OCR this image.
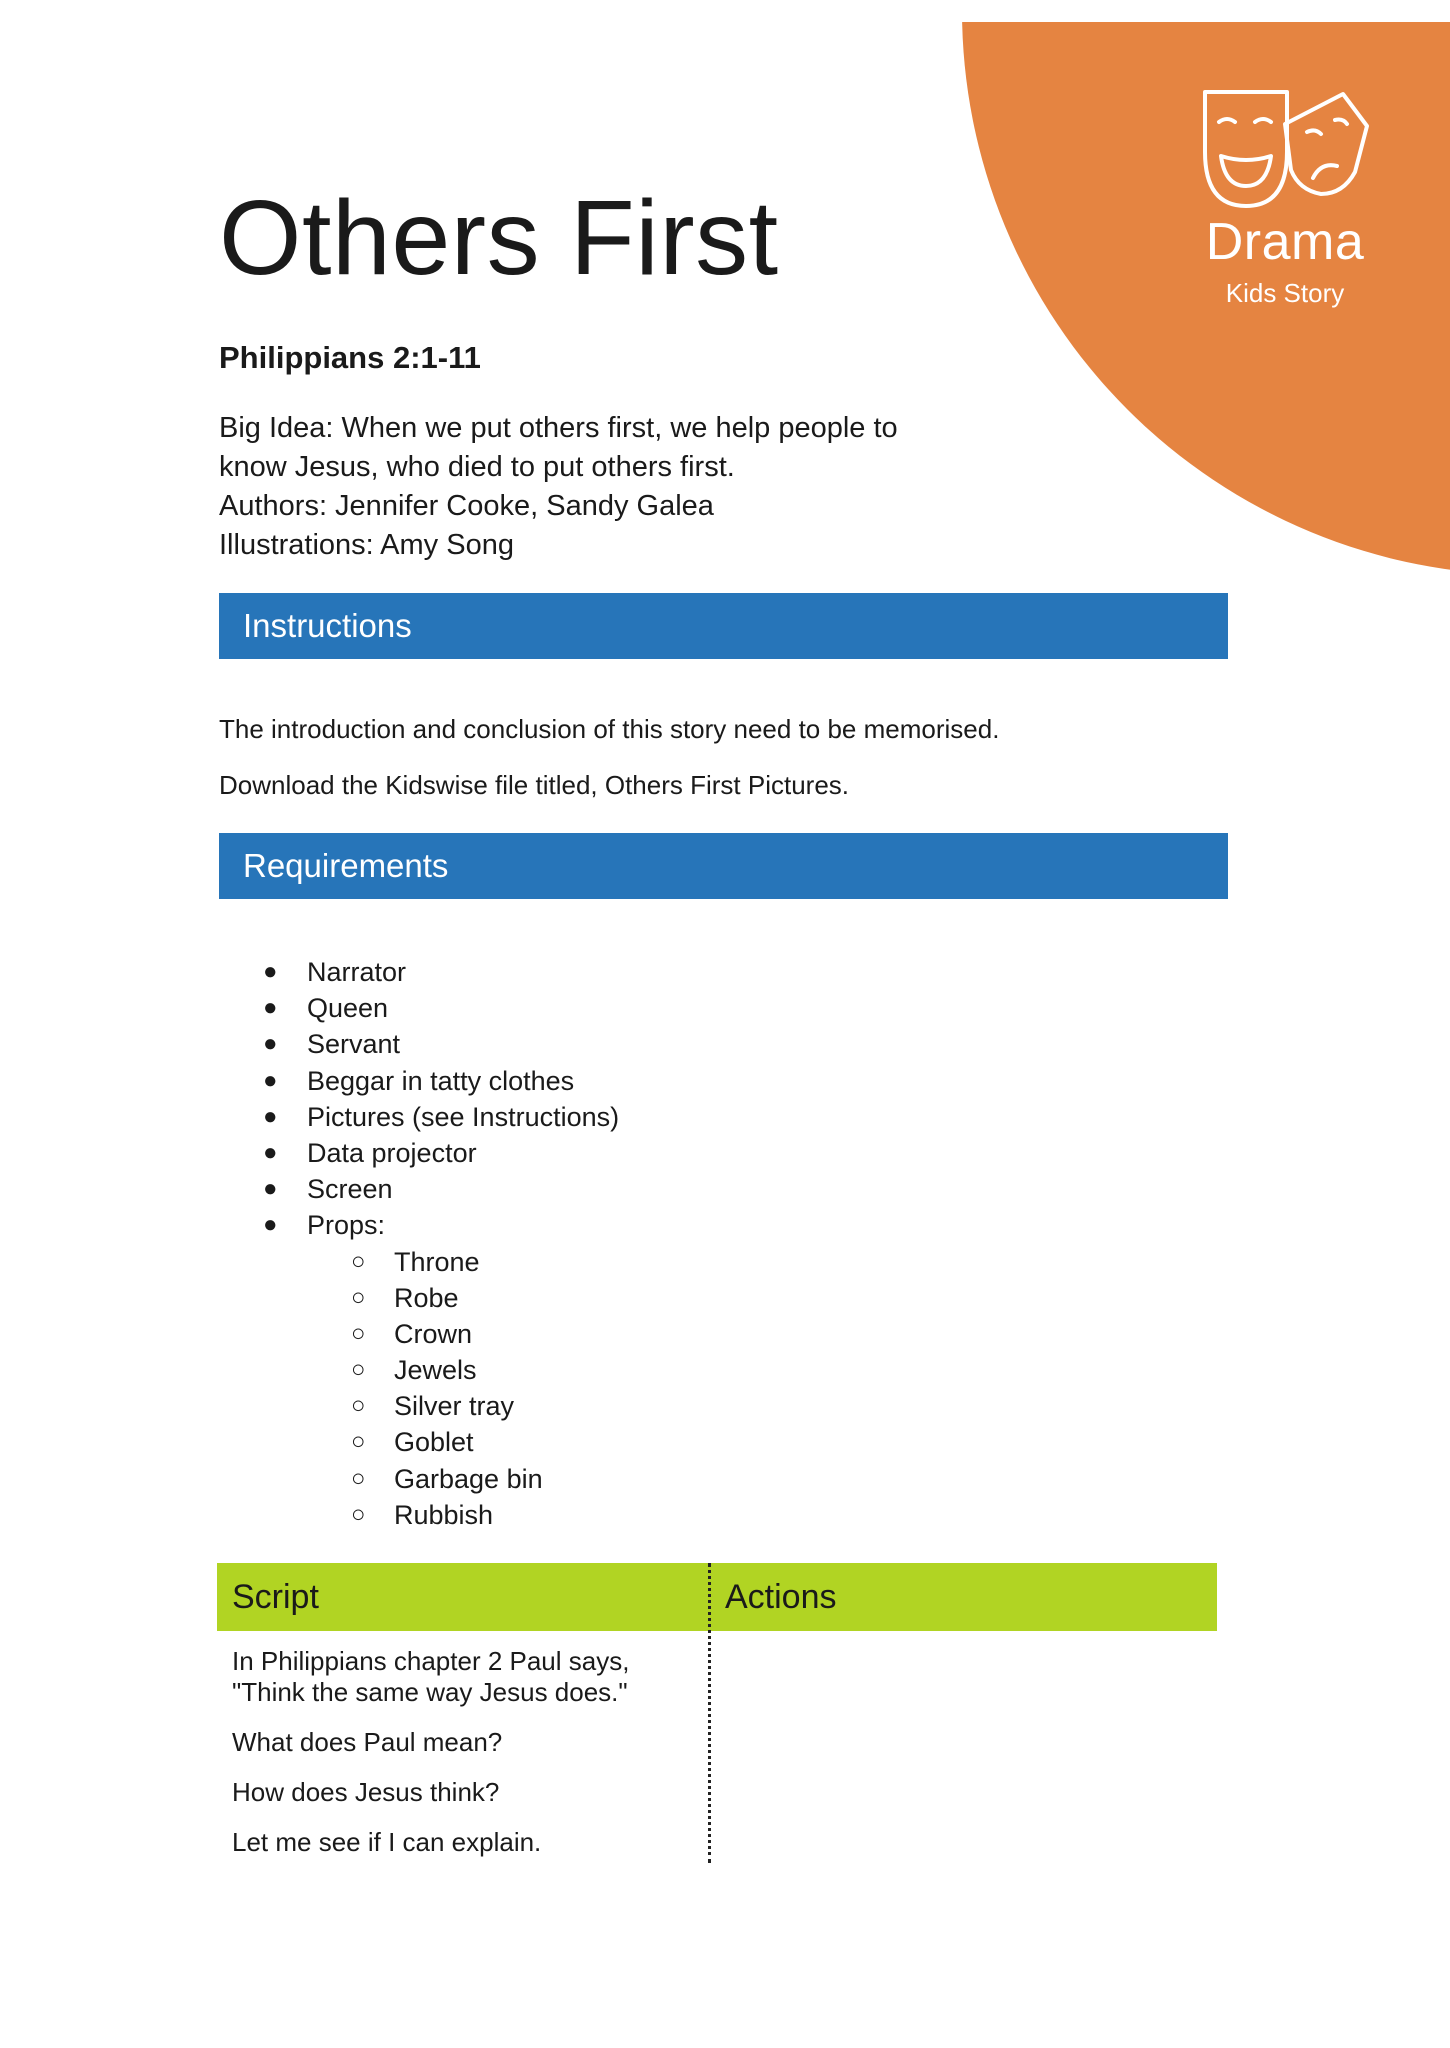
Drama
Kids Story
Others First
Philippians 2:1-11
Big Idea: When we put others first, we help people to
know Jesus, who died to put others first.
Authors: Jennifer Cooke, Sandy Galea
Illustrations: Amy Song
Instructions
The introduction and conclusion of this story need to be memorised.
Download the Kidswise file titled, Others First Pictures.
Requirements
● Narrator
● Queen
● Servant
● Beggar in tatty clothes
● Pictures (see Instructions)
● Data projector
● Screen
● Props:
○ Throne
○ Robe
○ Crown
○ Jewels
○ Silver tray
○ Goblet
○ Garbage bin
○ Rubbish
Script	Actions
In Philippians chapter 2 Paul says,
"Think the same way Jesus does."
What does Paul mean?
How does Jesus think?
Let me see if I can explain.
